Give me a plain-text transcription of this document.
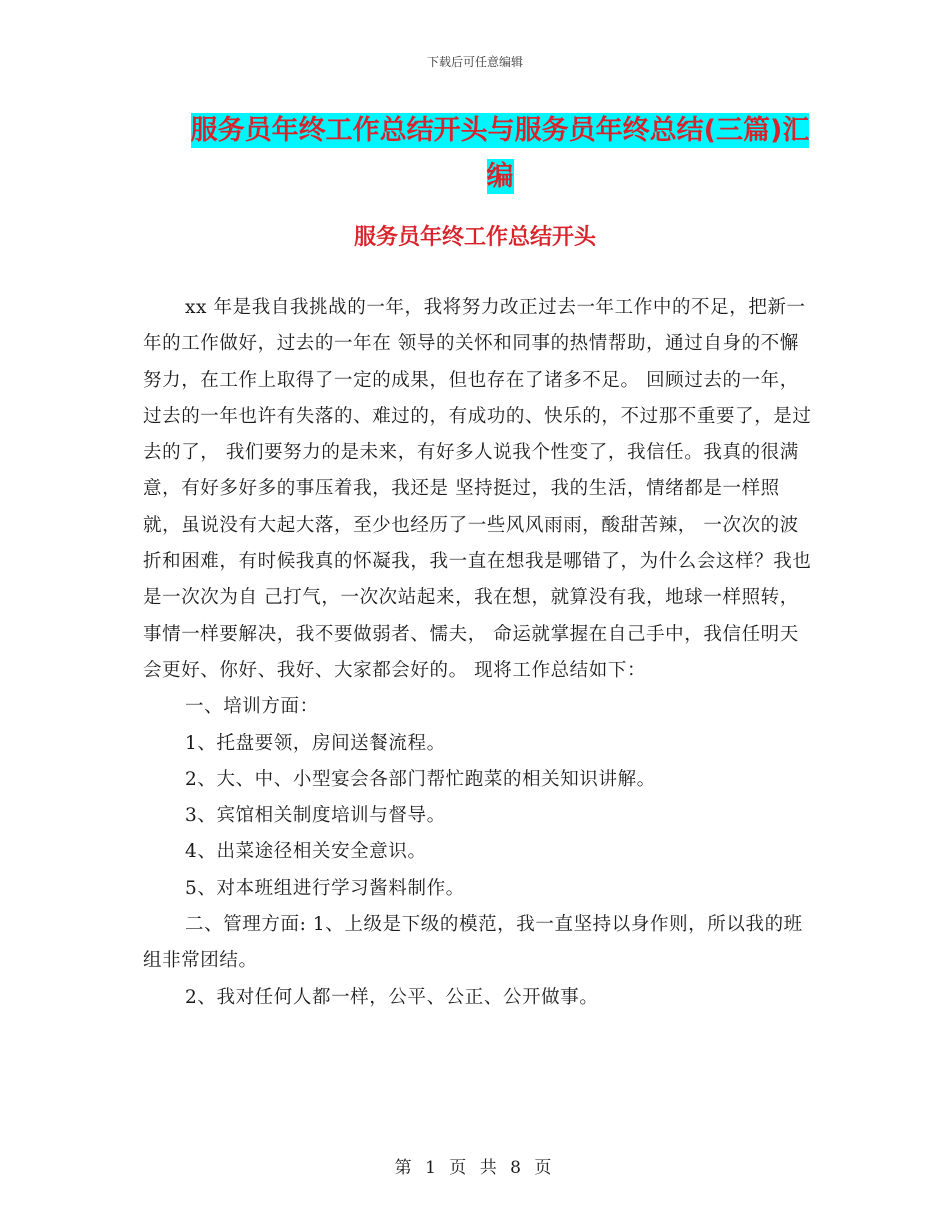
下载后可任意编辑
服务员年终工作总结开头与服务员年终总结(三篇)汇编
服务员年终工作总结开头

xx 年是我自我挑战的一年，我将努力改正过去一年工作中的不足，把新一年的工作做好，过去的一年在 领导的关怀和同事的热情帮助，通过自身的不懈努力，在工作上取得了一定的成果，但也存在了诸多不足。 回顾过去的一年，过去的一年也许有失落的、难过的，有成功的、快乐的，不过那不重要了，是过去的了， 我们要努力的是未来，有好多人说我个性变了，我信任。我真的很满意，有好多好多的事压着我，我还是 坚持挺过，我的生活，情绪都是一样照就，虽说没有大起大落，至少也经历了一些风风雨雨，酸甜苦辣， 一次次的波折和困难，有时候我真的怀凝我，我一直在想我是哪错了，为什么会这样？我也是一次次为自 己打气，一次次站起来，我在想，就算没有我，地球一样照转，事情一样要解决，我不要做弱者、懦夫， 命运就掌握在自己手中，我信任明天会更好、你好、我好、大家都会好的。 现将工作总结如下：

一、培训方面：

1、托盘要领，房间送餐流程。

2、大、中、小型宴会各部门帮忙跑菜的相关知识讲解。

3、宾馆相关制度培训与督导。

4、出菜途径相关安全意识。

5、对本班组进行学习酱料制作。

二、管理方面: 1、上级是下级的模范，我一直坚持以身作则，所以我的班组非常团结。

2、我对任何人都一样，公平、公正、公开做事。

第 1 页 共 8 页
